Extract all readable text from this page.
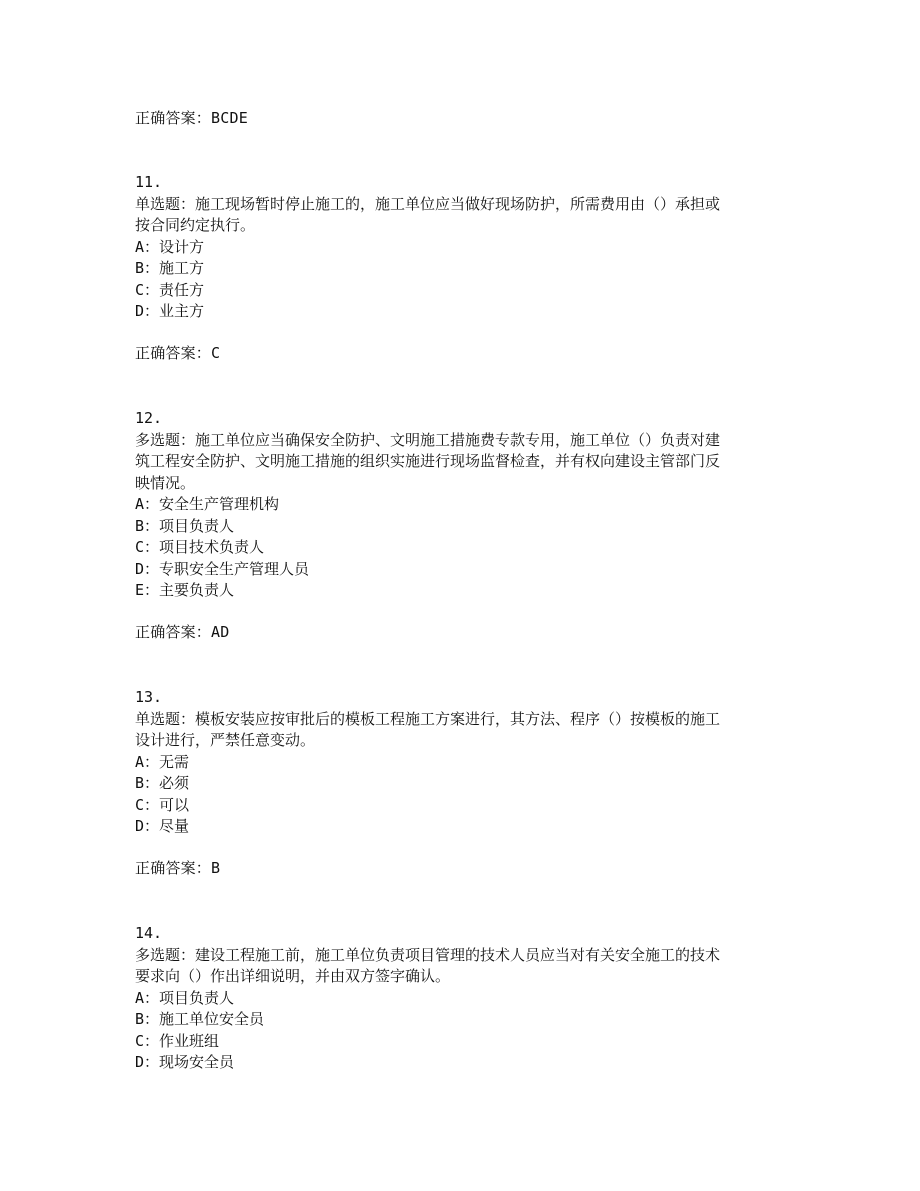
正确答案：BCDE
11.
单选题：施工现场暂时停止施工的，施工单位应当做好现场防护，所需费用由（）承担或
按合同约定执行。
A：设计方
B：施工方
C：责任方
D：业主方
正确答案：C
12.
多选题：施工单位应当确保安全防护、文明施工措施费专款专用，施工单位（）负责对建
筑工程安全防护、文明施工措施的组织实施进行现场监督检查，并有权向建设主管部门反
映情况。
A：安全生产管理机构
B：项目负责人
C：项目技术负责人
D：专职安全生产管理人员
E：主要负责人
正确答案：AD
13.
单选题：模板安装应按审批后的模板工程施工方案进行，其方法、程序（）按模板的施工
设计进行，严禁任意变动。
A：无需
B：必须
C：可以
D：尽量
正确答案：B
14.
多选题：建设工程施工前，施工单位负责项目管理的技术人员应当对有关安全施工的技术
要求向（）作出详细说明，并由双方签字确认。
A：项目负责人
B：施工单位安全员
C：作业班组
D：现场安全员
